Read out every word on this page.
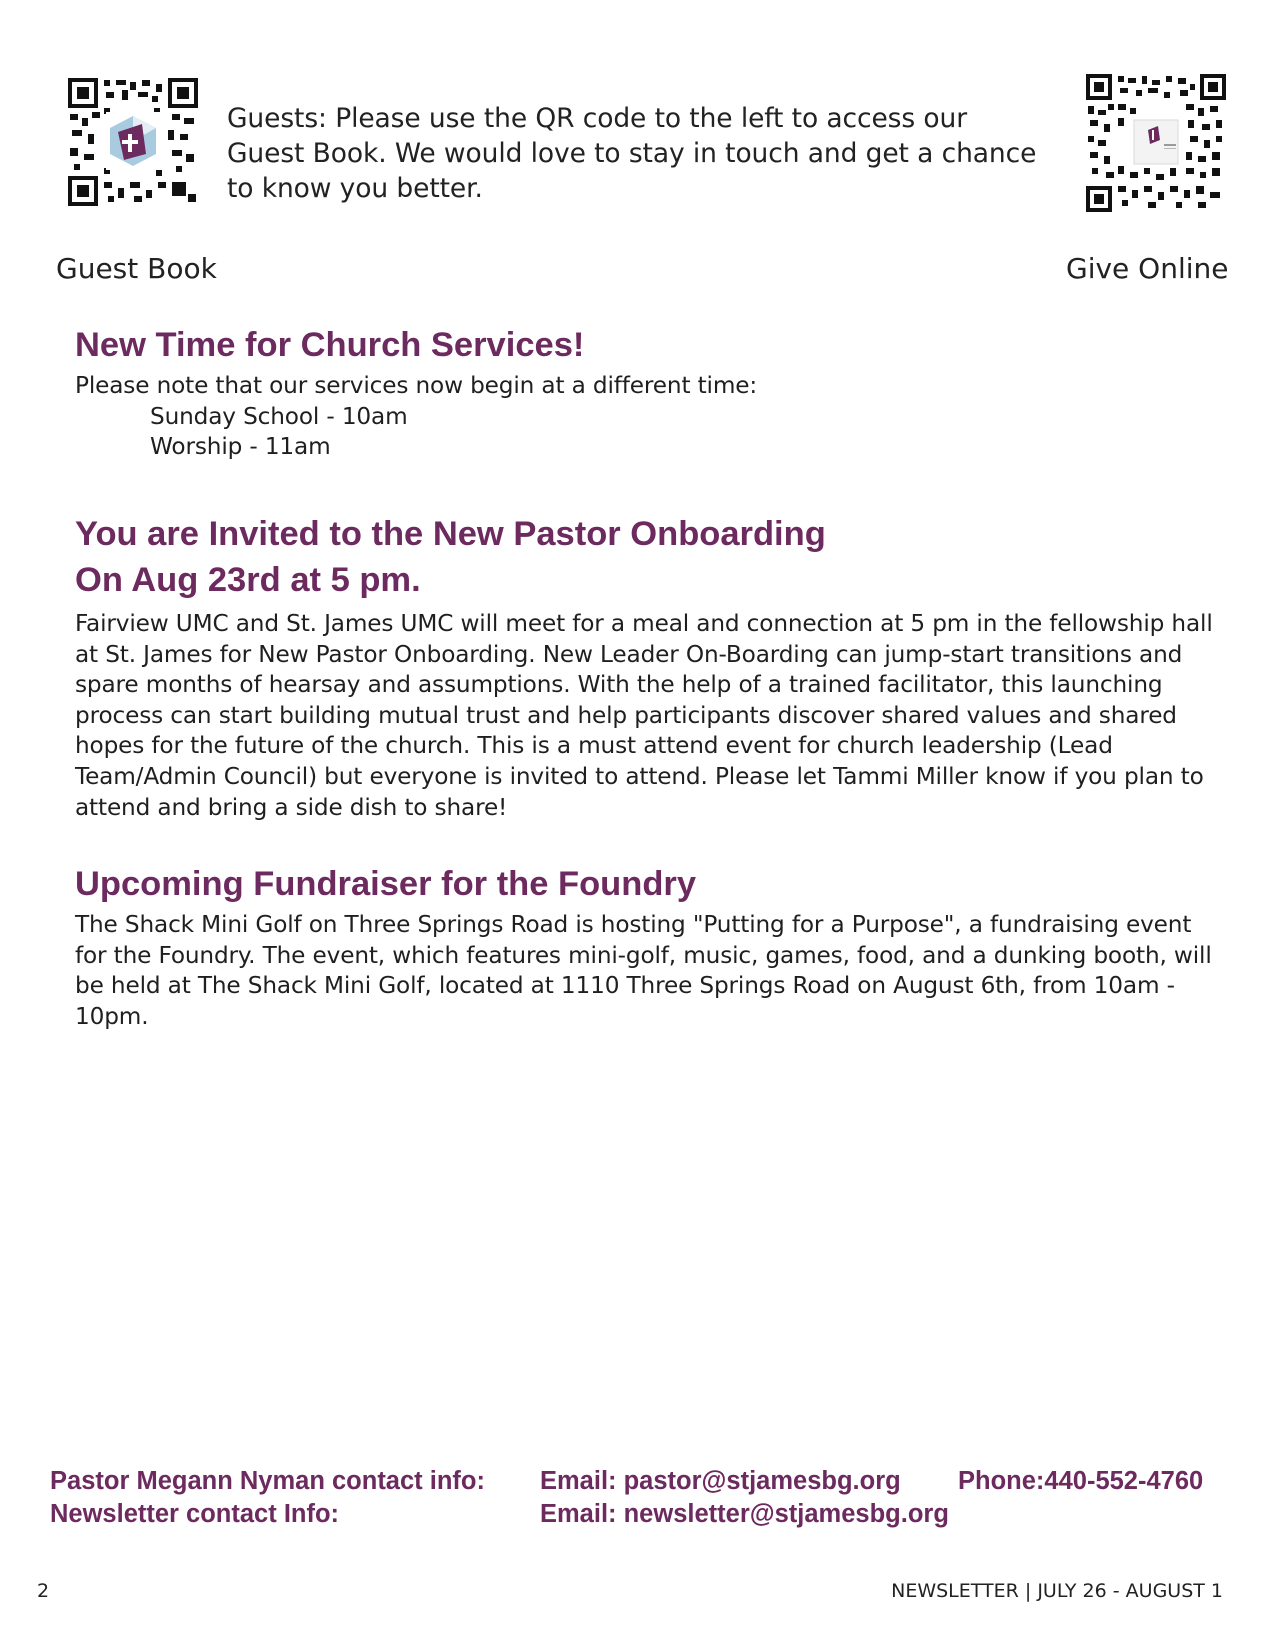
Guests: Please use the QR code to the left to access our Guest Book. We would love to stay in touch and get a chance to know you better.
Guest Book	Give Online
New Time for Church Services!

Please note that our services now begin at a different time:

Sunday School - 10am

Worship - 11am

You are Invited to the New Pastor Onboarding
On Aug 23rd at 5 pm.

Fairview UMC and St. James UMC will meet for a meal and connection at 5 pm in the fellowship hall at St. James for New Pastor Onboarding. New Leader On-Boarding can jump-start transitions and spare months of hearsay and assumptions. With the help of a trained facilitator, this launching process can start building mutual trust and help participants discover shared values and shared hopes for the future of the church. This is a must attend event for church leadership (Lead Team/Admin Council) but everyone is invited to attend. Please let Tammi Miller know if you plan to attend and bring a side dish to share!

Upcoming Fundraiser for the Foundry

The Shack Mini Golf on Three Springs Road is hosting "Putting for a Purpose", a fundraising event for the Foundry. The event, which features mini-golf, music, games, food, and a dunking booth, will be held at The Shack Mini Golf, located at 1110 Three Springs Road on August 6th, from 10am - 10pm.

Pastor Megann Nyman contact info: Email: pastor@stjamesbg.org Phone:440-552-4760
Newsletter contact Info:	Email: newsletter@stjamesbg.org
2	NEWSLETTER | JULY 26 - AUGUST 1
